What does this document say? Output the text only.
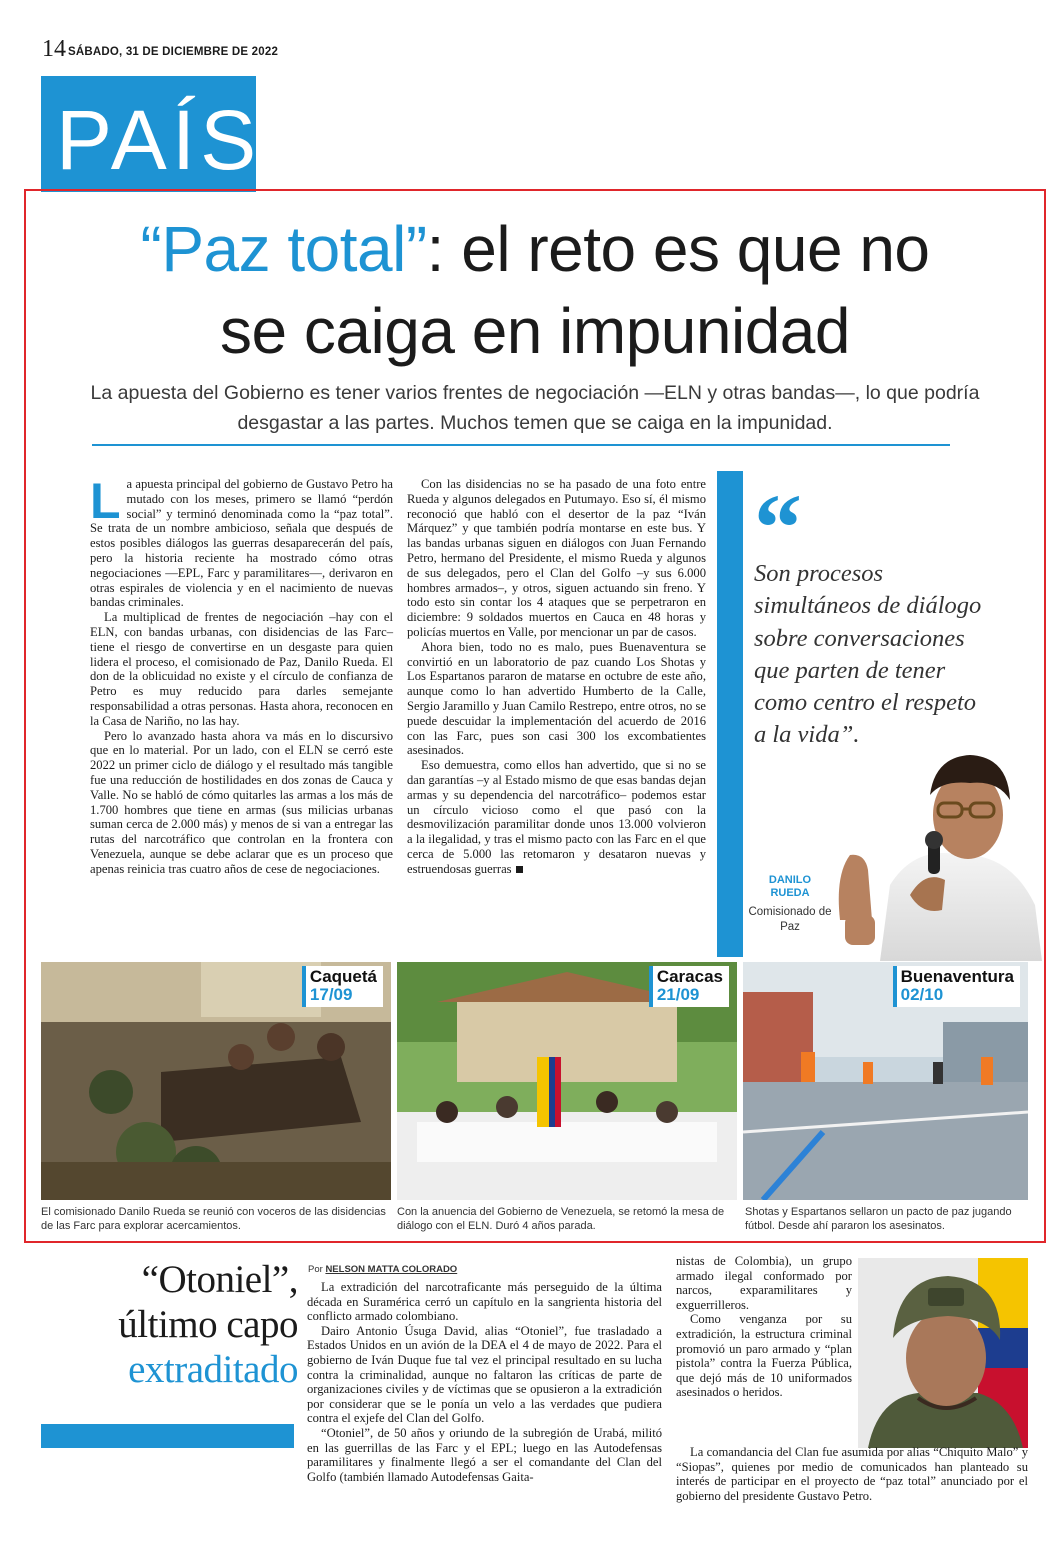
14 SÁBADO, 31 DE DICIEMBRE DE 2022
PAÍS
“Paz total”: el reto es que no
se caiga en impunidad
La apuesta del Gobierno es tener varios frentes de negociación —ELN y otras bandas—, lo que podría desgastar a las partes. Muchos temen que se caiga en la impunidad.

La apuesta principal del gobierno de Gustavo Petro ha mutado con los meses, primero se llamó “perdón social” y terminó denominada como la “paz total”. Se trata de un nombre ambicioso, señala que después de estos posibles diálogos las guerras desaparecerán del país, pero la historia reciente ha mostrado cómo otras negociaciones —EPL, Farc y paramilitares—, derivaron en otras espirales de violencia y en el nacimiento de nuevas bandas criminales.

La multiplicad de frentes de negociación –hay con el ELN, con bandas urbanas, con disidencias de las Farc– tiene el riesgo de convertirse en un desgaste para quien lidera el proceso, el comisionado de Paz, Danilo Rueda. El don de la oblicuidad no existe y el círculo de confianza de Petro es muy reducido para darles semejante responsabilidad a otras personas. Hasta ahora, reconocen en la Casa de Nariño, no las hay.

Pero lo avanzado hasta ahora va más en lo discursivo que en lo material. Por un lado, con el ELN se cerró este 2022 un primer ciclo de diálogo y el resultado más tangible fue una reducción de hostilidades en dos zonas de Cauca y Valle. No se habló de cómo quitarles las armas a los más de 1.700 hombres que tiene en armas (sus milicias urbanas suman cerca de 2.000 más) y menos de si van a entregar las rutas del narcotráfico que controlan en la frontera con Venezuela, aunque se debe aclarar que es un proceso que apenas reinicia tras cuatro años de cese de negociaciones.

Con las disidencias no se ha pasado de una foto entre Rueda y algunos delegados en Putumayo. Eso sí, él mismo reconoció que habló con el desertor de la paz “Iván Márquez” y que también podría montarse en este bus. Y las bandas urbanas siguen en diálogos con Juan Fernando Petro, hermano del Presidente, el mismo Rueda y algunos de sus delegados, pero el Clan del Golfo –y sus 6.000 hombres armados–, y otros, siguen actuando sin freno. Y todo esto sin contar los 4 ataques que se perpetraron en diciembre: 9 soldados muertos en Cauca en 48 horas y policías muertos en Valle, por mencionar un par de casos.

Ahora bien, todo no es malo, pues Buenaventura se convirtió en un laboratorio de paz cuando Los Shotas y Los Espartanos pararon de matarse en octubre de este año, aunque como lo han advertido Humberto de la Calle, Sergio Jaramillo y Juan Camilo Restrepo, entre otros, no se puede descuidar la implementación del acuerdo de 2016 con las Farc, pues son casi 300 los excombatientes asesinados.

Eso demuestra, como ellos han advertido, que si no se dan garantías –y al Estado mismo de que esas bandas dejan armas y su dependencia del narcotráfico– podemos estar un círculo vicioso como el que pasó con la desmovilización paramilitar donde unos 13.000 volvieron a la ilegalidad, y tras el mismo pacto con las Farc en el que cerca de 5.000 las retomaron y desataron nuevas y estruendosas guerras

“
Son procesos simultáneos de diálogo sobre conversaciones que parten de tener como centro el respeto a la vida”.
DANILO RUEDA
Comisionado de Paz
Caquetá
17/09
Caracas
21/09
Buenaventura
02/10
El comisionado Danilo Rueda se reunió con voceros de las disidencias de las Farc para explorar acercamientos.
Con la anuencia del Gobierno de Venezuela, se retomó la mesa de diálogo con el ELN. Duró 4 años parada.
Shotas y Espartanos sellaron un pacto de paz jugando fútbol. Desde ahí pararon los asesinatos.
“Otoniel”,
último capo
extraditado
Por NELSON MATTA COLORADO

La extradición del narcotraficante más perseguido de la última década en Suramérica cerró un capítulo en la sangrienta historia del conflicto armado colombiano.

Dairo Antonio Úsuga David, alias “Otoniel”, fue trasladado a Estados Unidos en un avión de la DEA el 4 de mayo de 2022. Para el gobierno de Iván Duque fue tal vez el principal resultado en su lucha contra la criminalidad, aunque no faltaron las críticas de parte de organizaciones civiles y de víctimas que se opusieron a la extradición por considerar que se le ponía un velo a las verdades que pudiera contra el exjefe del Clan del Golfo.

“Otoniel”, de 50 años y oriundo de la subregión de Urabá, militó en las guerrillas de las Farc y el EPL; luego en las Autodefensas paramilitares y finalmente llegó a ser el comandante del Clan del Golfo (también llamado Autodefensas Gaita-

nistas de Colombia), un grupo armado ilegal conformado por narcos, exparamilitares y exguerrilleros.

Como venganza por su extradición, la estructura criminal promovió un paro armado y “plan pistola” contra la Fuerza Pública, que dejó más de 10 uniformados asesinados o heridos.

La comandancia del Clan fue asumida por alias “Chiquito Malo” y “Siopas”, quienes por medio de comunicados han planteado su interés de participar en el proyecto de “paz total” anunciado por el gobierno del presidente Gustavo Petro.
